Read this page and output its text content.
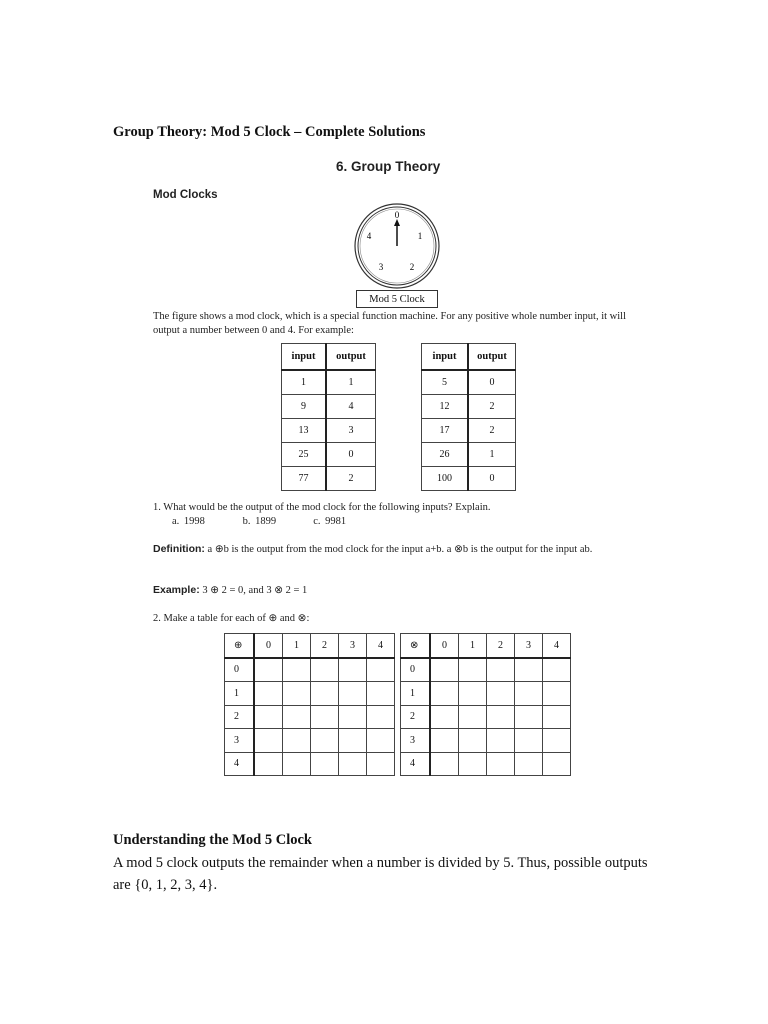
Group Theory: Mod 5 Clock – Complete Solutions
6. Group Theory
Mod Clocks
0
1
2
3
4
Mod 5 Clock
The figure shows a mod clock, which is a special function machine. For any positive whole number input, it will output a number between 0 and 4. For example:
input	output
1	1
9	4
13	3
25	0
77	2
input	output
5	0
12	2
17	2
26	1
100	0
1. What would be the output of the mod clock for the following inputs? Explain.
a. 1998	b. 1899	c. 9981
Definition: a ⊕b is the output from the mod clock for the input a+b. a ⊗b is the output for the input ab.
Example: 3 ⊕ 2 = 0, and 3 ⊗ 2 = 1
2. Make a table for each of ⊕ and ⊗:
⊕	0	1	2	3	4
0					
1					
2					
3					
4					
⊗	0	1	2	3	4
0					
1					
2					
3					
4					
Understanding the Mod 5 Clock
A mod 5 clock outputs the remainder when a number is divided by 5. Thus, possible outputs are {0, 1, 2, 3, 4}.
